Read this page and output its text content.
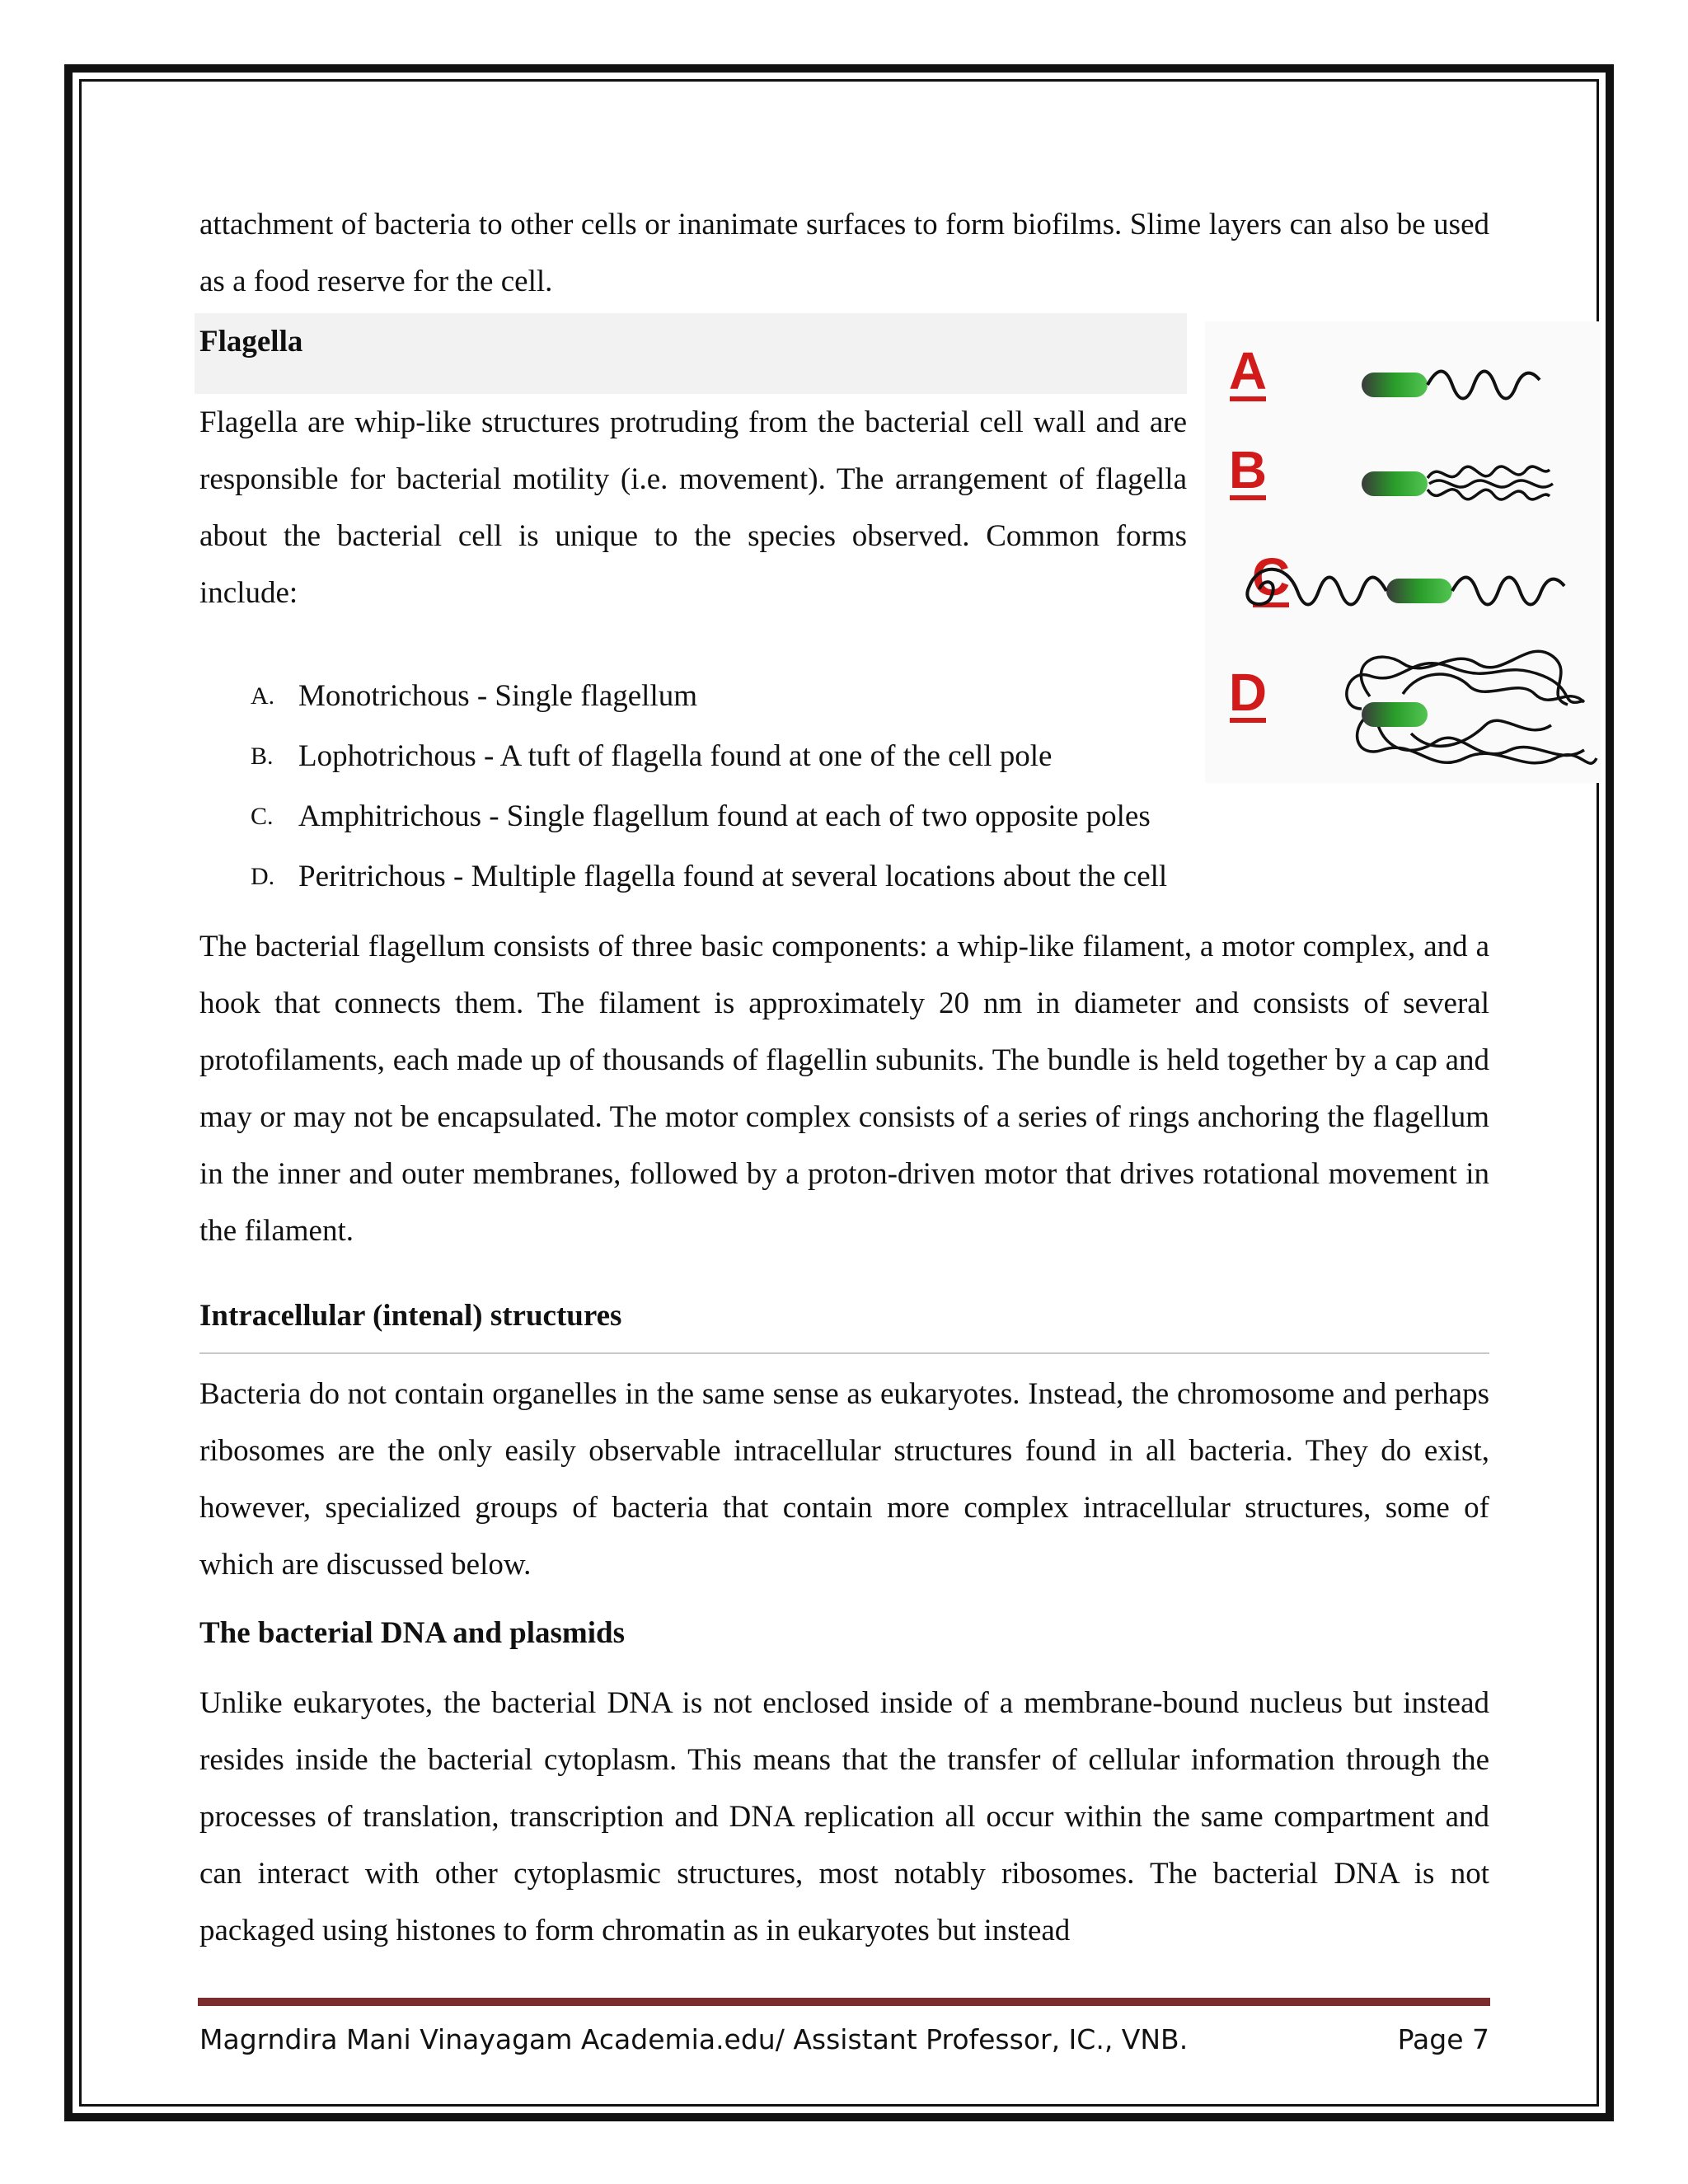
attachment of bacteria to other cells or inanimate surfaces to form biofilms. Slime layers can also be used as a food reserve for the cell.

Flagella

Flagella are whip-like structures protruding from the bacterial cell wall and are responsible for bacterial motility (i.e. movement). The arrangement of flagella about the bacterial cell is unique to the species observed. Common forms include:

A
B
C
D
A. Monotrichous - Single flagellum
B. Lophotrichous - A tuft of flagella found at one of the cell pole
C. Amphitrichous - Single flagellum found at each of two opposite poles
D. Peritrichous - Multiple flagella found at several locations about the cell

The bacterial flagellum consists of three basic components: a whip-like filament, a motor complex, and a hook that connects them. The filament is approximately 20 nm in diameter and consists of several protofilaments, each made up of thousands of flagellin subunits. The bundle is held together by a cap and may or may not be encapsulated. The motor complex consists of a series of rings anchoring the flagellum in the inner and outer membranes, followed by a proton-driven motor that drives rotational movement in the filament.

Intracellular (intenal) structures

Bacteria do not contain organelles in the same sense as eukaryotes. Instead, the chromosome and perhaps ribosomes are the only easily observable intracellular structures found in all bacteria. They do exist, however, specialized groups of bacteria that contain more complex intracellular structures, some of which are discussed below.

The bacterial DNA and plasmids

Unlike eukaryotes, the bacterial DNA is not enclosed inside of a membrane-bound nucleus but instead resides inside the bacterial cytoplasm. This means that the transfer of cellular information through the processes of translation, transcription and DNA replication all occur within the same compartment and can interact with other cytoplasmic structures, most notably ribosomes. The bacterial DNA is not packaged using histones to form chromatin as in eukaryotes but instead

Magrndira Mani Vinayagam Academia.edu/ Assistant Professor, IC., VNB.	Page 7
